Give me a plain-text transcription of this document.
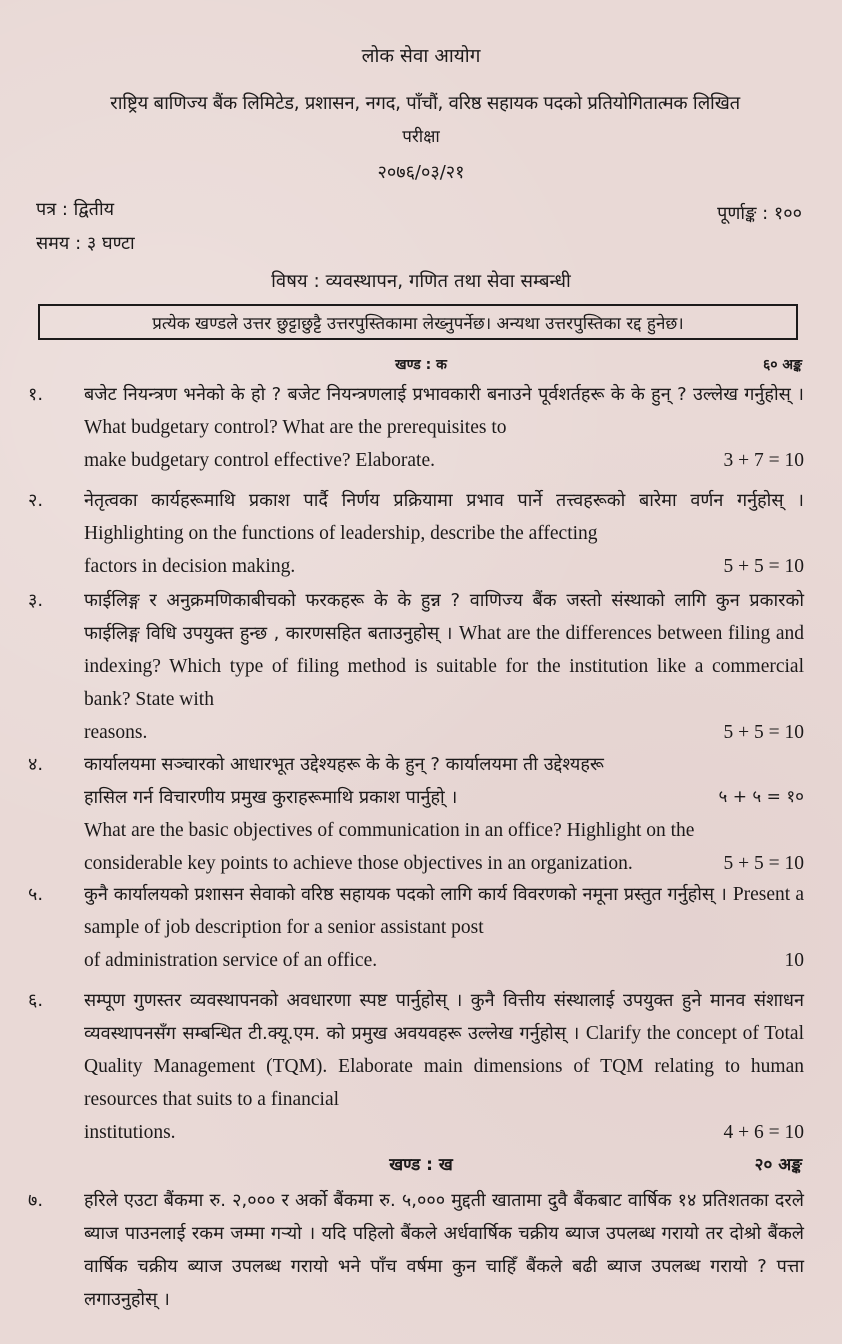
लोक सेवा आयोग
राष्ट्रिय बाणिज्य बैंक लिमिटेड, प्रशासन, नगद, पाँचौं, वरिष्ठ सहायक पदको प्रतियोगितात्मक लिखित
परीक्षा
२०७६/०३/२१
पत्र : द्वितीय
समय : ३ घण्टा
पूर्णाङ्क : १००
विषय : व्यवस्थापन, गणित तथा सेवा सम्बन्धी
प्रत्येक खण्डले उत्तर छुट्टाछुट्टै उत्तरपुस्तिकामा लेख्नुपर्नेछ। अन्यथा उत्तरपुस्तिका रद्द हुनेछ।
खण्ड : क	६० अङ्क
१.	बजेट नियन्त्रण भनेको के हो ? बजेट नियन्त्रणलाई प्रभावकारी बनाउने पूर्वशर्तहरू के के हुन् ? उल्लेख गर्नुहोस् । What budgetary control? What are the prerequisites to
make budgetary control effective? Elaborate.	3 + 7 = 10
२.	नेतृत्वका कार्यहरूमाथि प्रकाश पार्दै निर्णय प्रक्रियामा प्रभाव पार्ने तत्त्वहरूको बारेमा वर्णन गर्नुहोस् । Highlighting on the functions of leadership, describe the affecting
factors in decision making.	5 + 5 = 10
३.	फाईलिङ्ग र अनुक्रमणिकाबीचको फरकहरू के के हुन्न ? वाणिज्य बैंक जस्तो संस्थाको लागि कुन प्रकारको फाईलिङ्ग विधि उपयुक्त हुन्छ , कारणसहित बताउनुहोस् । What are the differences between filing and indexing? Which type of filing method is suitable for the institution like a commercial bank? State with
reasons.	5 + 5 = 10
४.	कार्यालयमा सञ्चारको आधारभूत उद्देश्यहरू के के हुन् ? कार्यालयमा ती उद्देश्यहरू
हासिल गर्न विचारणीय प्रमुख कुराहरूमाथि प्रकाश पार्नुहो् ।	५ + ५ = १०
What are the basic objectives of communication in an office? Highlight on the
considerable key points to achieve those objectives in an organization.	5 + 5 = 10
५.	कुनै कार्यालयको प्रशासन सेवाको वरिष्ठ सहायक पदको लागि कार्य विवरणको नमूना प्रस्तुत गर्नुहोस् । Present a sample of job description for a senior assistant post
of administration service of an office.	10
६.	सम्पूण गुणस्तर व्यवस्थापनको अवधारणा स्पष्ट पार्नुहोस् । कुनै वित्तीय संस्थालाई उपयुक्त हुने मानव संशाधन व्यवस्थापनसँग सम्बन्धित टी.क्यू.एम. को प्रमुख अवयवहरू उल्लेख गर्नुहोस् । Clarify the concept of Total Quality Management (TQM). Elaborate main dimensions of TQM relating to human resources that suits to a financial
institutions.	4 + 6 = 10
खण्ड : ख	२० अङ्क
७.	हरिले एउटा बैंकमा रु. २,००० र अर्को बैंकमा रु. ५,००० मुद्दती खातामा दुवै बैंकबाट वार्षिक १४ प्रतिशतका दरले ब्याज पाउनलाई रकम जम्मा गऱ्यो । यदि पहिलो बैंकले अर्धवार्षिक चक्रीय ब्याज उपलब्ध गरायो तर दोश्रो बैंकले वार्षिक चक्रीय ब्याज उपलब्ध गरायो भने पाँच वर्षमा कुन चाहिँ बैंकले बढी ब्याज उपलब्ध गरायो ? पत्ता लगाउनुहोस् ।
